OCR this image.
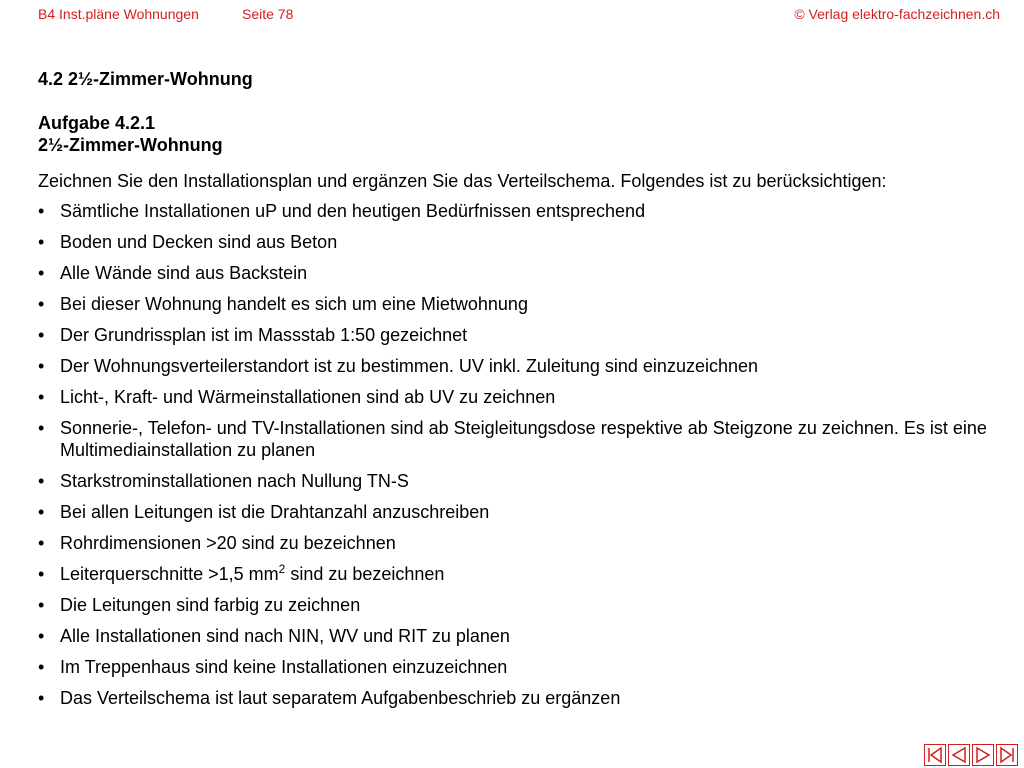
B4 Inst.pläne Wohnungen	Seite 78	© Verlag elektro-fachzeichnen.ch
4.2 2½-Zimmer-Wohnung
Aufgabe 4.2.1
2½-Zimmer-Wohnung
Zeichnen Sie den Installationsplan und ergänzen Sie das Verteilschema. Folgendes ist zu berücksichtigen:
• Sämtliche Installationen uP und den heutigen Bedürfnissen entsprechend
• Boden und Decken sind aus Beton
• Alle Wände sind aus Backstein
• Bei dieser Wohnung handelt es sich um eine Mietwohnung
• Der Grundrissplan ist im Massstab 1:50 gezeichnet
• Der Wohnungsverteilerstandort ist zu bestimmen. UV inkl. Zuleitung sind einzuzeichnen
• Licht-, Kraft- und Wärmeinstallationen sind ab UV zu zeichnen
• Sonnerie-, Telefon- und TV-Installationen sind ab Steigleitungsdose respektive ab Steigzone zu zeichnen. Es ist eine Multimediainstallation zu planen
• Starkstrominstallationen nach Nullung TN-S
• Bei allen Leitungen ist die Drahtanzahl anzuschreiben
• Rohrdimensionen >20 sind zu bezeichnen
• Leiterquerschnitte >1,5 $mm^2$ sind zu bezeichnen
• Die Leitungen sind farbig zu zeichnen
• Alle Installationen sind nach NIN, WV und RIT zu planen
• Im Treppenhaus sind keine Installationen einzuzeichnen
• Das Verteilschema ist laut separatem Aufgabenbeschrieb zu ergänzen
